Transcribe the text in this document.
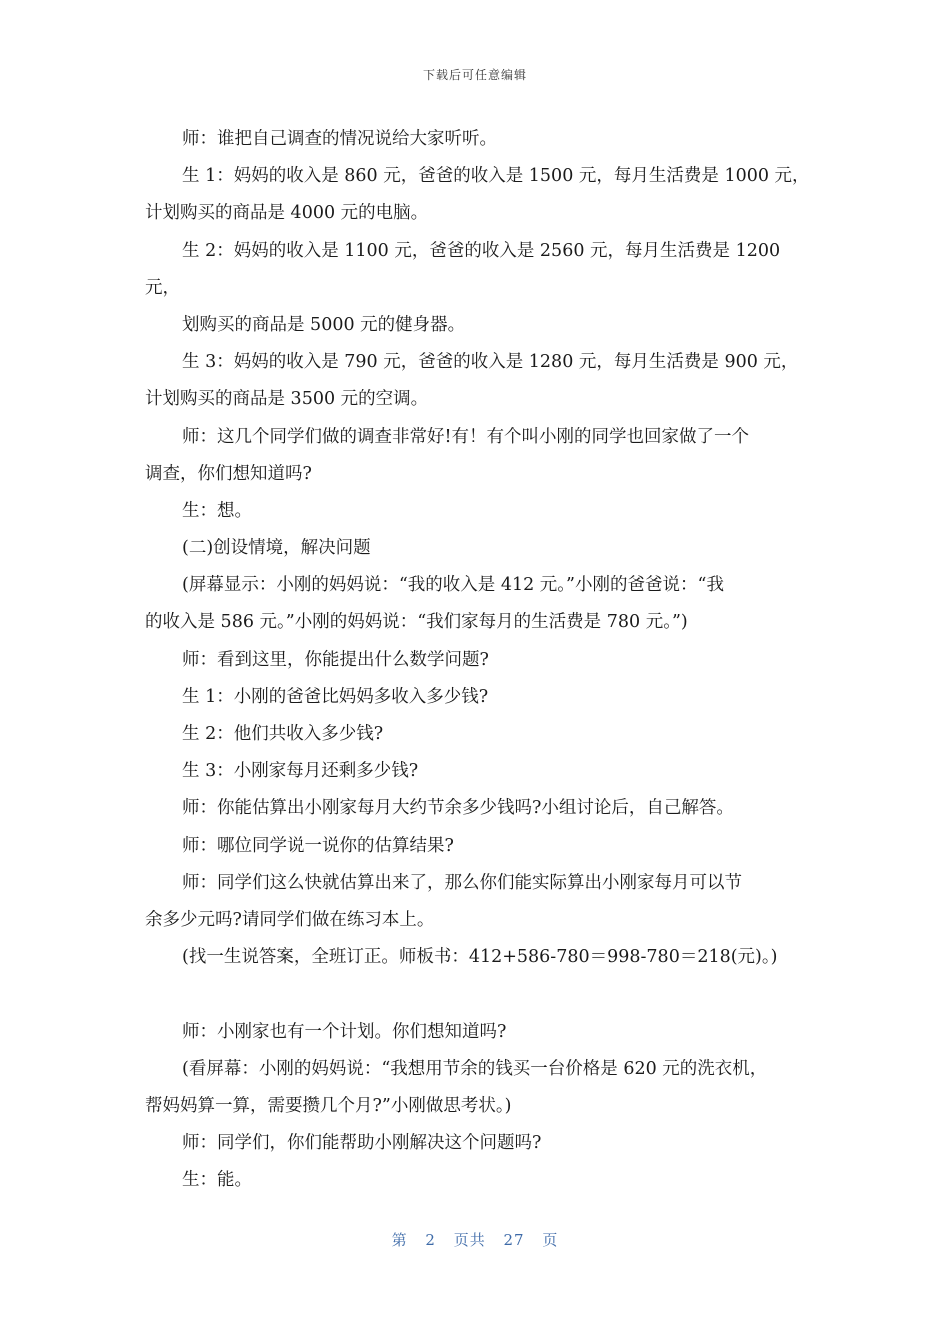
下载后可任意编辑
师：谁把自己调查的情况说给大家听听。
生 1：妈妈的收入是 860 元，爸爸的收入是 1500 元，每月生活费是 1000 元，
计划购买的商品是 4000 元的电脑。
生 2：妈妈的收入是 1100 元，爸爸的收入是 2560 元，每月生活费是 1200
元，
划购买的商品是 5000 元的健身器。
生 3：妈妈的收入是 790 元，爸爸的收入是 1280 元，每月生活费是 900 元，
计划购买的商品是 3500 元的空调。
师：这几个同学们做的调查非常好!有！有个叫小刚的同学也回家做了一个
调查，你们想知道吗?
生：想。
(二)创设情境，解决问题
(屏幕显示：小刚的妈妈说：“我的收入是 412 元。”小刚的爸爸说：“我
的收入是 586 元。”小刚的妈妈说：“我们家每月的生活费是 780 元。”)
师：看到这里，你能提出什么数学问题?
生 1：小刚的爸爸比妈妈多收入多少钱?
生 2：他们共收入多少钱?
生 3：小刚家每月还剩多少钱?
师：你能估算出小刚家每月大约节余多少钱吗?小组讨论后，自己解答。
师：哪位同学说一说你的估算结果?
师：同学们这么快就估算出来了，那么你们能实际算出小刚家每月可以节
余多少元吗?请同学们做在练习本上。
(找一生说答案，全班订正。师板书：412+586-780＝998-780＝218(元)。)
师：小刚家也有一个计划。你们想知道吗?
(看屏幕：小刚的妈妈说：“我想用节余的钱买一台价格是 620 元的洗衣机，
帮妈妈算一算，需要攒几个月?”小刚做思考状。)
师：同学们，你们能帮助小刚解决这个问题吗?
生：能。
第 2 页共 27 页
